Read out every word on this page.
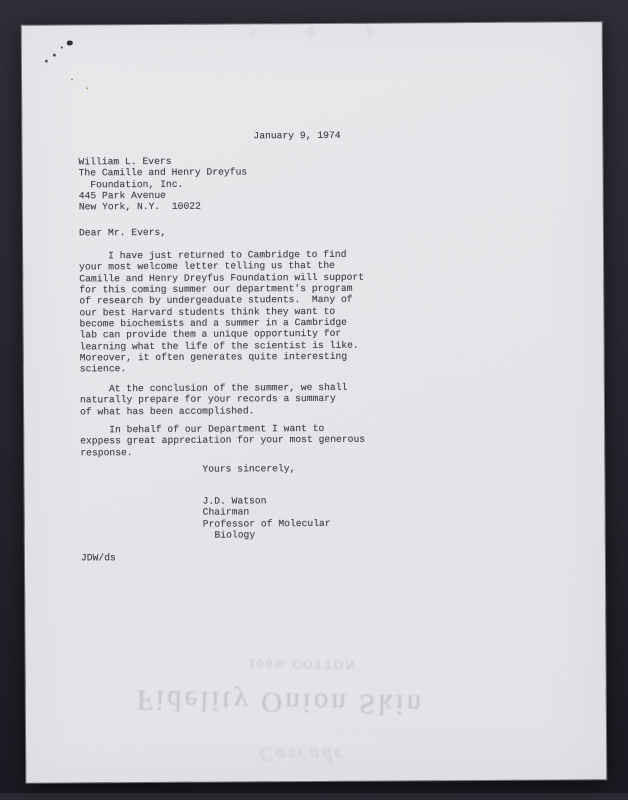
3 0 0
January 9, 1974
William L. Evers
The Camille and Henry Dreyfus
Foundation, Inc.
445 Park Avenue
New York, N.Y.  10022
Dear Mr. Evers,
I have just returned to Cambridge to find
your most welcome letter telling us that the
Camille and Henry Dreyfus Foundation will support
for this coming summer our department's program
of research by undergeaduate students.  Many of
our best Harvard students think they want to
become biochemists and a summer in a Cambridge
lab can provide them a unique opportunity for
learning what the life of the scientist is like.
Moreover, it often generates quite interesting
science.
At the conclusion of the summer, we shall
naturally prepare for your records a summary
of what has been accomplished.
In behalf of our Department I want to
exppess great appreciation for your most generous
response.
Yours sincerely,
J.D. Watson
Chairman
Professor of Molecular
Biology
JDW/ds
100% COTTON
Fidelity Onion Skin
Cascade
